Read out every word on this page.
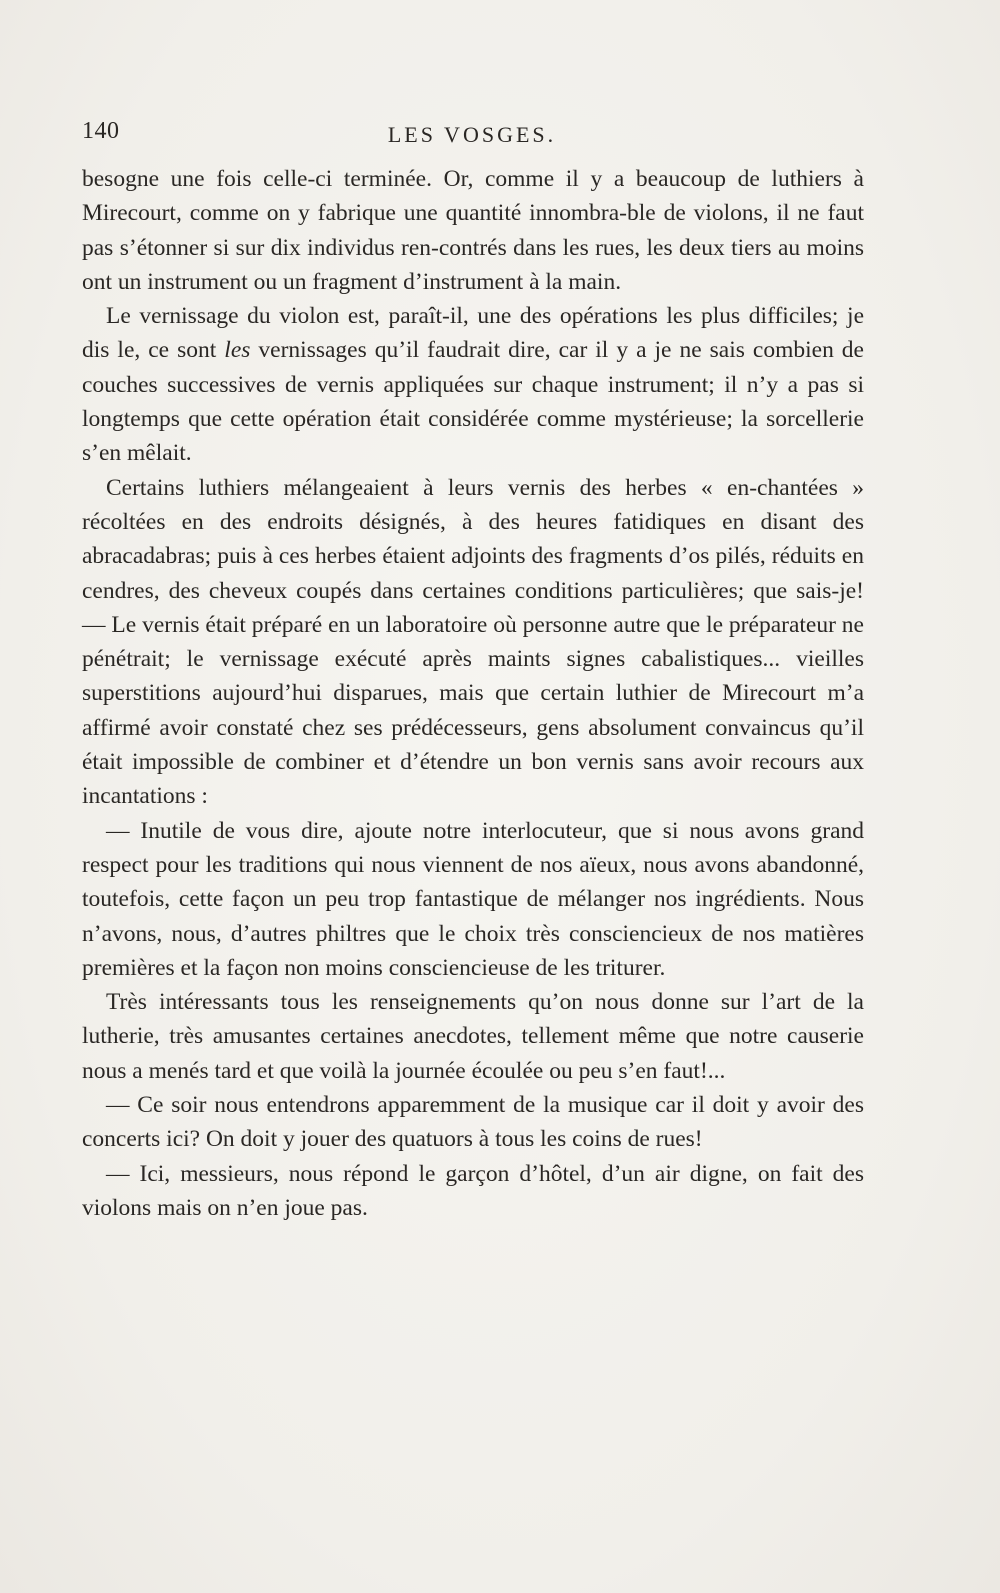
140	LES VOSGES.

besogne une fois celle-ci terminée. Or, comme il y a beaucoup de luthiers à Mirecourt, comme on y fabrique une quantité innombra-ble de violons, il ne faut pas s’étonner si sur dix individus ren-contrés dans les rues, les deux tiers au moins ont un instrument ou un fragment d’instrument à la main.

Le vernissage du violon est, paraît-il, une des opérations les plus difficiles; je dis le, ce sont les vernissages qu’il faudrait dire, car il y a je ne sais combien de couches successives de vernis appliquées sur chaque instrument; il n’y a pas si longtemps que cette opération était considérée comme mystérieuse; la sorcellerie s’en mêlait.

Certains luthiers mélangeaient à leurs vernis des herbes « en-chantées » récoltées en des endroits désignés, à des heures fatidiques en disant des abracadabras; puis à ces herbes étaient adjoints des fragments d’os pilés, réduits en cendres, des cheveux coupés dans certaines conditions particulières; que sais-je! — Le vernis était préparé en un laboratoire où personne autre que le préparateur ne pénétrait; le vernissage exécuté après maints signes cabalistiques... vieilles superstitions aujourd’hui disparues, mais que certain luthier de Mirecourt m’a affirmé avoir constaté chez ses prédécesseurs, gens absolument convaincus qu’il était impossible de combiner et d’étendre un bon vernis sans avoir recours aux incantations :

— Inutile de vous dire, ajoute notre interlocuteur, que si nous avons grand respect pour les traditions qui nous viennent de nos aïeux, nous avons abandonné, toutefois, cette façon un peu trop fantastique de mélanger nos ingrédients. Nous n’avons, nous, d’autres philtres que le choix très consciencieux de nos matières premières et la façon non moins consciencieuse de les triturer.

Très intéressants tous les renseignements qu’on nous donne sur l’art de la lutherie, très amusantes certaines anecdotes, tellement même que notre causerie nous a menés tard et que voilà la journée écoulée ou peu s’en faut!...

— Ce soir nous entendrons apparemment de la musique car il doit y avoir des concerts ici? On doit y jouer des quatuors à tous les coins de rues!

— Ici, messieurs, nous répond le garçon d’hôtel, d’un air digne, on fait des violons mais on n’en joue pas.
